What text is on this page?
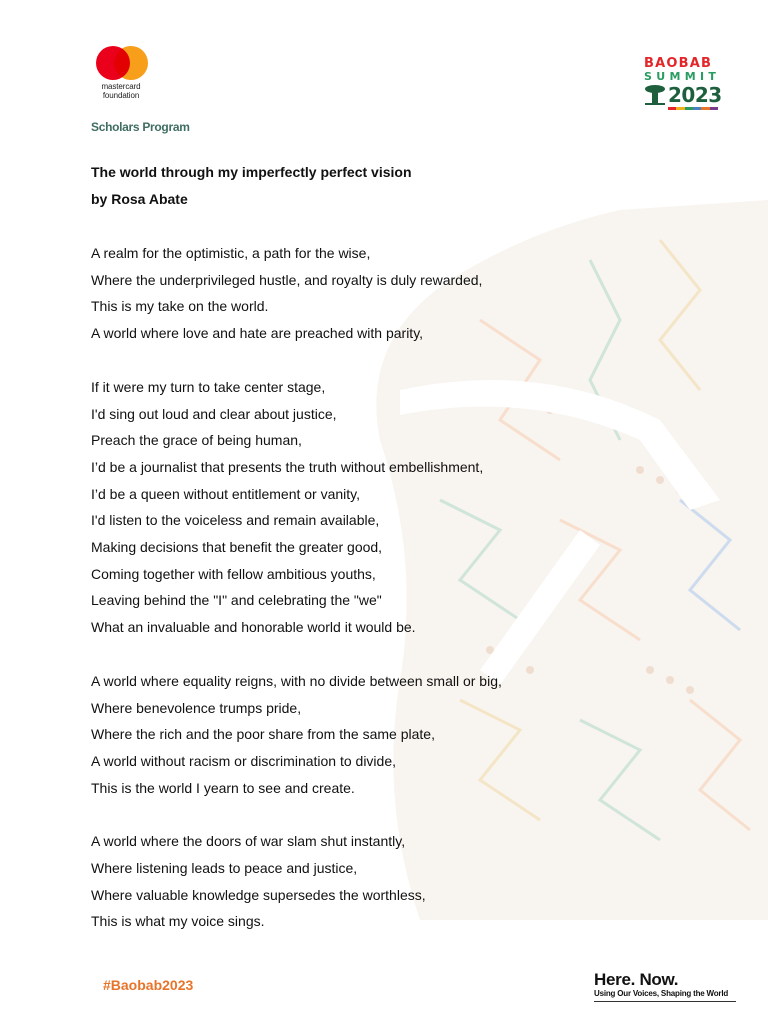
mastercard
foundation
Scholars Program
BAOBAB
SUMMIT
2023

The world through my imperfectly perfect vision

by Rosa Abate

A realm for the optimistic, a path for the wise,
Where the underprivileged hustle, and royalty is duly rewarded,
This is my take on the world.
A world where love and hate are preached with parity,
If it were my turn to take center stage,
I'd sing out loud and clear about justice,
Preach the grace of being human,
I’d be a journalist that presents the truth without embellishment,
I’d be a queen without entitlement or vanity,
I'd listen to the voiceless and remain available,
Making decisions that benefit the greater good,
Coming together with fellow ambitious youths,
Leaving behind the "I" and celebrating the "we"
What an invaluable and honorable world it would be.
A world where equality reigns, with no divide between small or big,
Where benevolence trumps pride,
Where the rich and the poor share from the same plate,
A world without racism or discrimination to divide,
This is the world I yearn to see and create.
A world where the doors of war slam shut instantly,
Where listening leads to peace and justice,
Where valuable knowledge supersedes the worthless,
This is what my voice sings.
#Baobab2023	Here. Now.
Using Our Voices, Shaping the World
